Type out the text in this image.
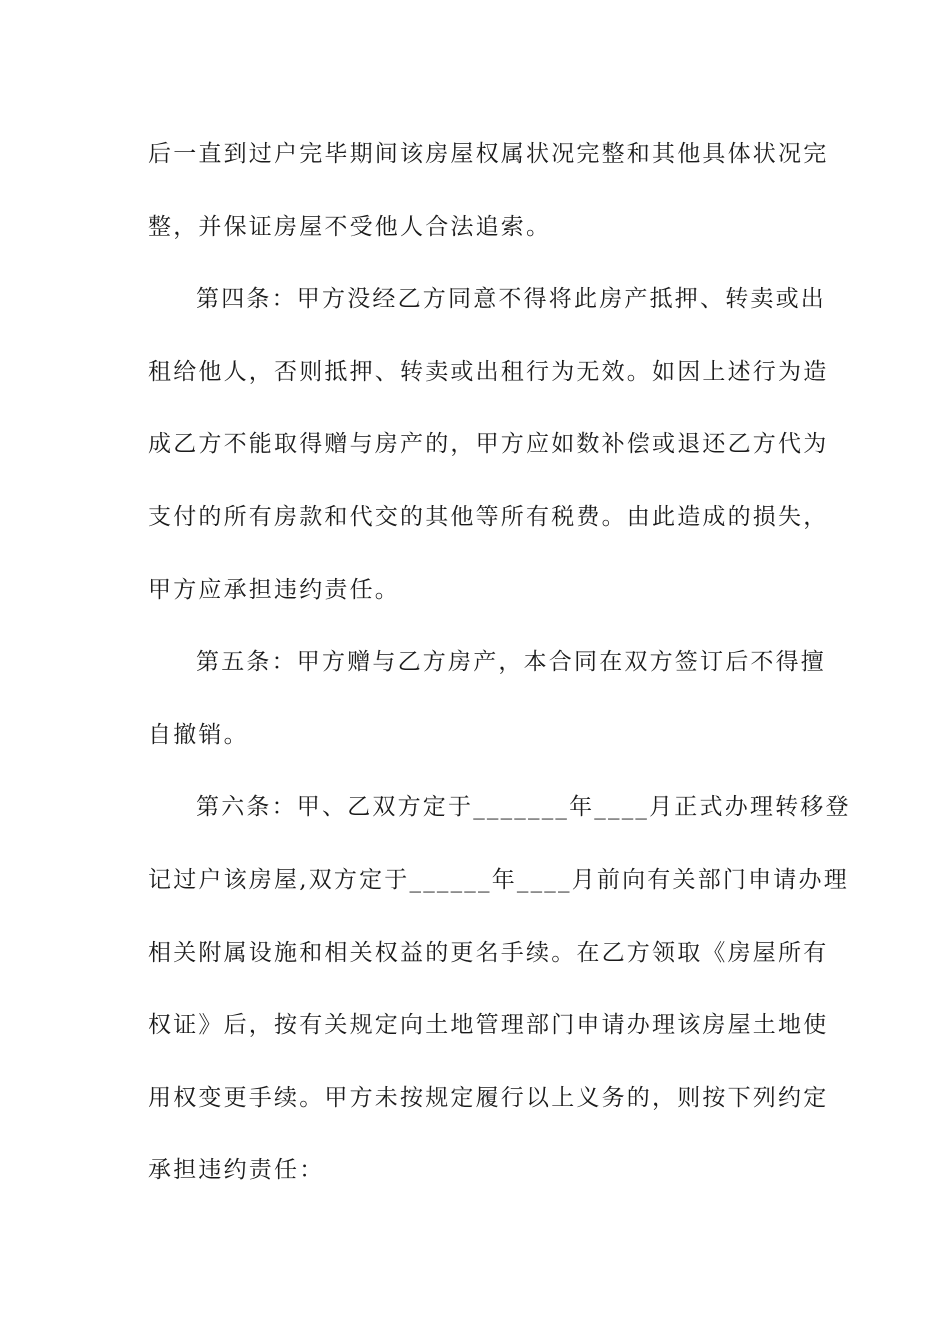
后一直到过户完毕期间该房屋权属状况完整和其他具体状况完
整，并保证房屋不受他人合法追索。
第四条：甲方没经乙方同意不得将此房产抵押、转卖或出
租给他人，否则抵押、转卖或出租行为无效。如因上述行为造
成乙方不能取得赠与房产的，甲方应如数补偿或退还乙方代为
支付的所有房款和代交的其他等所有税费。由此造成的损失，
甲方应承担违约责任。
第五条：甲方赠与乙方房产，本合同在双方签订后不得擅
自撤销。
第六条：甲、乙双方定于_______年____月正式办理转移登
记过户该房屋,双方定于______年____月前向有关部门申请办理
相关附属设施和相关权益的更名手续。在乙方领取《房屋所有
权证》后，按有关规定向土地管理部门申请办理该房屋土地使
用权变更手续。甲方未按规定履行以上义务的，则按下列约定
承担违约责任：
